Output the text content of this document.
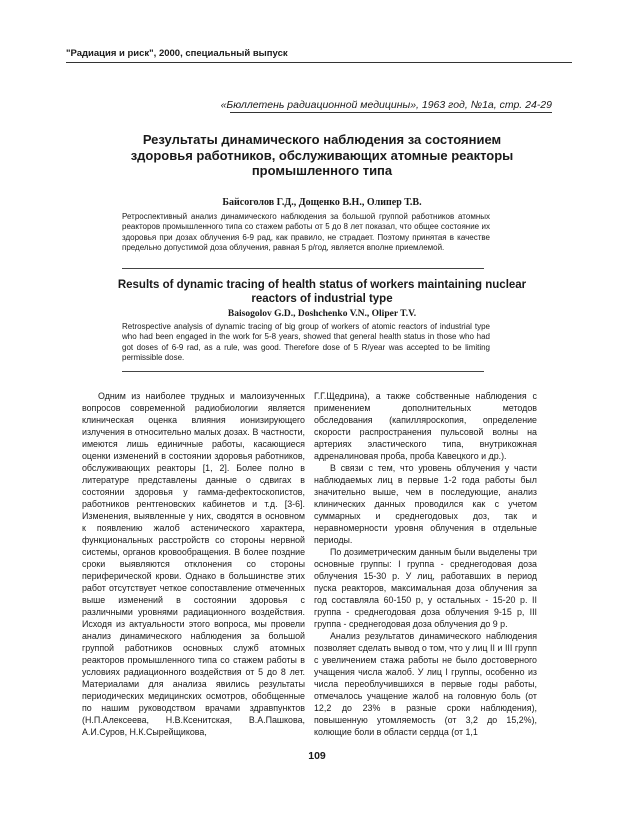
"Радиация и риск", 2000, специальный выпуск
«Бюллетень радиационной медицины», 1963 год, №1а, стр. 24-29
Результаты динамического наблюдения за состоянием здоровья работников, обслуживающих атомные реакторы промышленного типа
Байсоголов Г.Д., Дощенко В.Н., Олипер Т.В.
Ретроспективный анализ динамического наблюдения за большой группой работников атомных реакторов промышленного типа со стажем работы от 5 до 8 лет показал, что общее состояние их здоровья при дозах облучения 6-9 рад, как правило, не страдает. Поэтому принятая в качестве предельно допустимой доза облучения, равная 5 р/год, является вполне приемлемой.
Results of dynamic tracing of health status of workers maintaining nuclear reactors of industrial type
Baisogolov G.D., Doshchenko V.N., Oliper T.V.
Retrospective analysis of dynamic tracing of big group of workers of atomic reactors of industrial type who had been engaged in the work for 5-8 years, showed that general health status in those who had got doses of 6-9 rad, as a rule, was good. Therefore dose of 5 R/year was accepted to be limiting permissible dose.

Одним из наиболее трудных и малоизученных вопросов современной радиобиологии является клиническая оценка влияния ионизирующего излучения в относительно малых дозах. В частности, имеются лишь единичные работы, касающиеся оценки изменений в состоянии здоровья работников, обслуживающих реакторы [1, 2]. Более полно в литературе представлены данные о сдвигах в состоянии здоровья у гамма-дефектоскопистов, работников рентгеновских кабинетов и т.д. [3-6]. Изменения, выявленные у них, сводятся в основном к появлению жалоб астенического характера, функциональных расстройств со стороны нервной системы, органов кровообращения. В более поздние сроки выявляются отклонения со стороны периферической крови. Однако в большинстве этих работ отсутствует четкое сопоставление отмеченных выше изменений в состоянии здоровья с различными уровнями радиационного воздействия. Исходя из актуальности этого вопроса, мы провели анализ динамического наблюдения за большой группой работников основных служб атомных реакторов промышленного типа со стажем работы в условиях радиационного воздействия от 5 до 8 лет. Материалами для анализа явились результаты периодических медицинских осмотров, обобщенные по нашим руководством врачами здравпунктов (Н.П.Алексеева, Н.В.Ксенитская, В.А.Пашкова, А.И.Суров, Н.К.Сырейщикова,

Г.Г.Щедрина), а также собственные наблюдения с применением дополнительных методов обследования (капилляроскопия, определение скорости распространения пульсовой волны на артериях эластического типа, внутрикожная адреналиновая проба, проба Кавецкого и др.).

В связи с тем, что уровень облучения у части наблюдаемых лиц в первые 1-2 года работы был значительно выше, чем в последующие, анализ клинических данных проводился как с учетом суммарных и среднегодовых доз, так и неравномерности уровня облучения в отдельные периоды.

По дозиметрическим данным были выделены три основные группы: I группа - среднегодовая доза облучения 15-30 р. У лиц, работавших в период пуска реакторов, максимальная доза облучения за год составляла 60-150 р, у остальных - 15-20 р. II группа - среднегодовая доза облучения 9-15 р, III группа - среднегодовая доза облучения до 9 р.

Анализ результатов динамического наблюдения позволяет сделать вывод о том, что у лиц II и III групп с увеличением стажа работы не было достоверного учащения числа жалоб. У лиц I группы, особенно из числа переоблучившихся в первые годы работы, отмечалось учащение жалоб на головную боль (от 12,2 до 23% в разные сроки наблюдения), повышенную утомляемость (от 3,2 до 15,2%), колющие боли в области сердца (от 1,1

109
